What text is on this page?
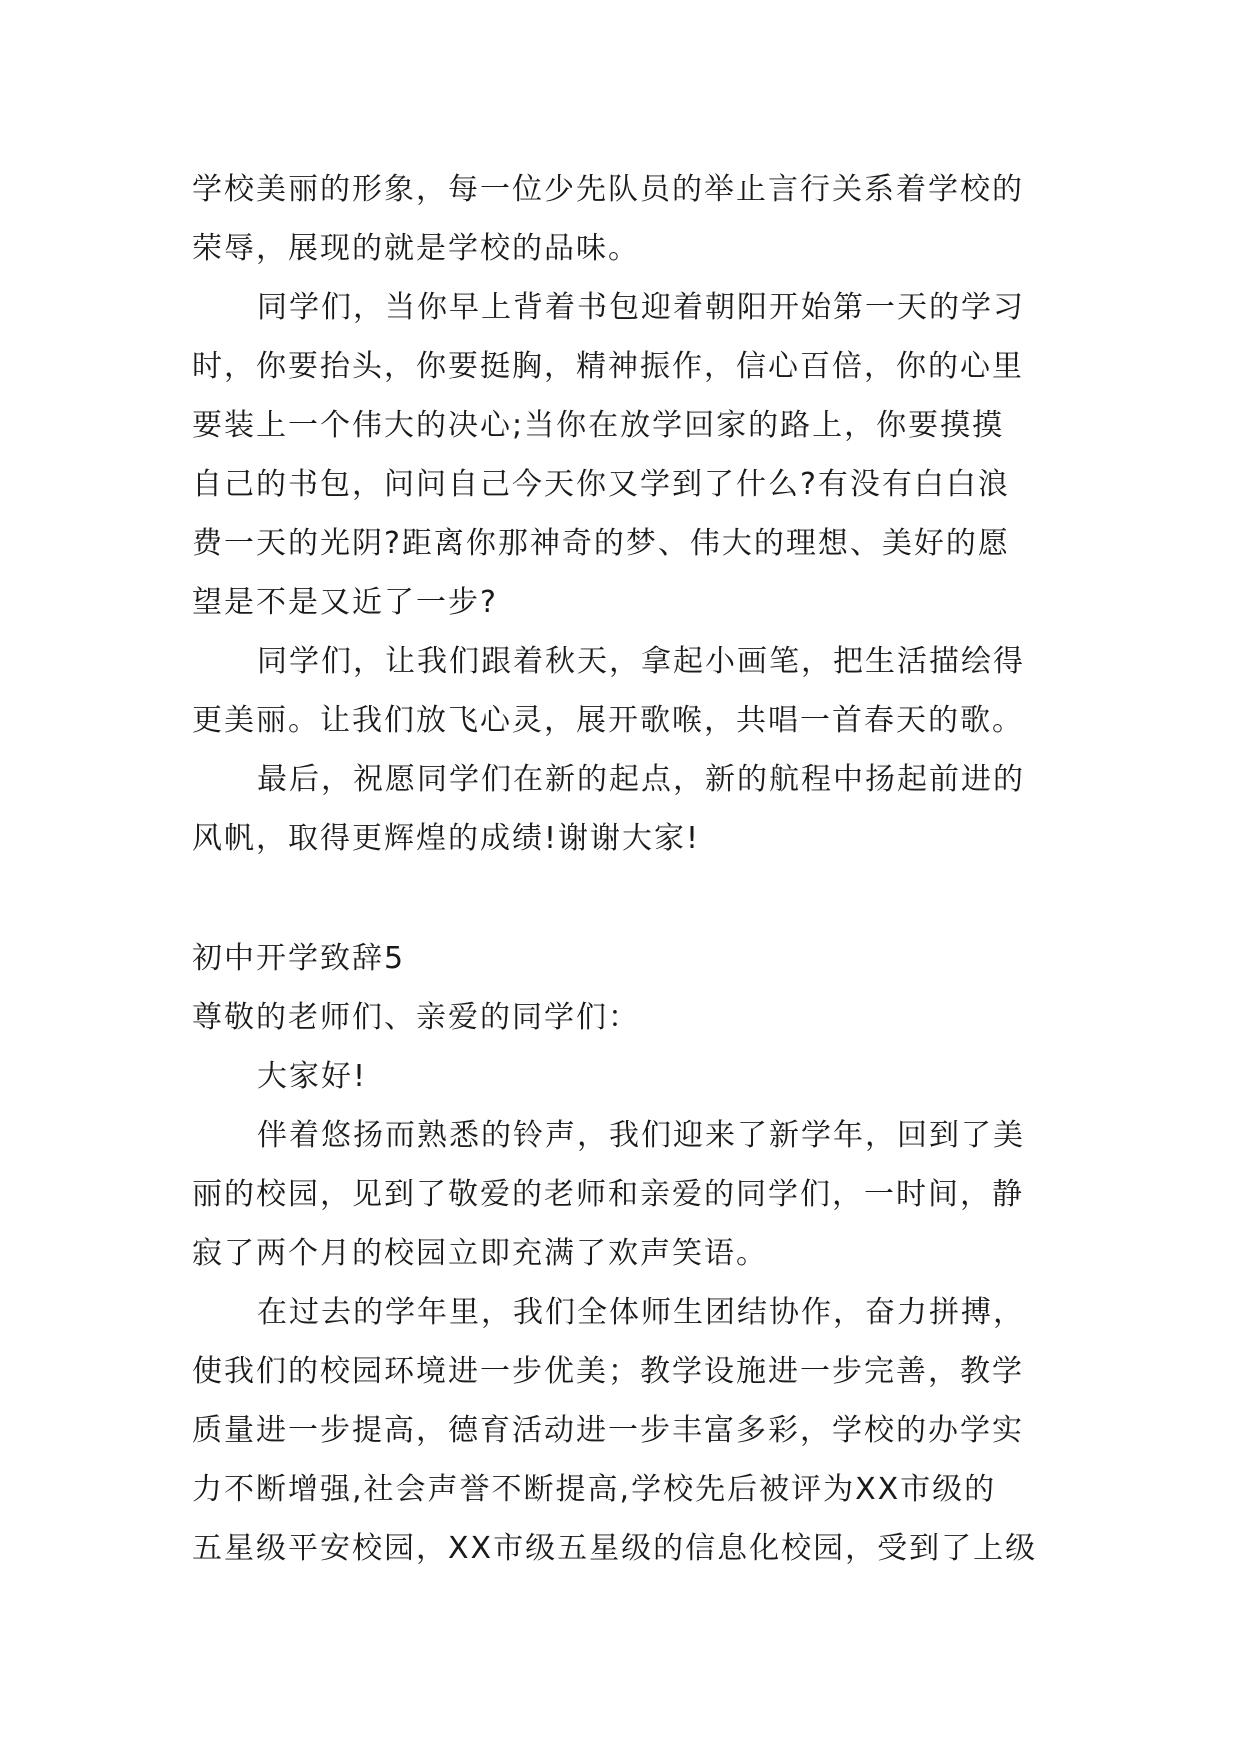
学校美丽的形象，每一位少先队员的举止言行关系着学校的
荣辱，展现的就是学校的品味。
同学们，当你早上背着书包迎着朝阳开始第一天的学习
时，你要抬头，你要挺胸，精神振作，信心百倍，你的心里
要装上一个伟大的决心;当你在放学回家的路上，你要摸摸
自己的书包，问问自己今天你又学到了什么?有没有白白浪
费一天的光阴?距离你那神奇的梦、伟大的理想、美好的愿
望是不是又近了一步?
同学们，让我们跟着秋天，拿起小画笔，把生活描绘得
更美丽。让我们放飞心灵，展开歌喉，共唱一首春天的歌。
最后，祝愿同学们在新的起点，新的航程中扬起前进的
风帆，取得更辉煌的成绩!谢谢大家!
初中开学致辞5
尊敬的老师们、亲爱的同学们：
大家好!
伴着悠扬而熟悉的铃声，我们迎来了新学年，回到了美
丽的校园，见到了敬爱的老师和亲爱的同学们，一时间，静
寂了两个月的校园立即充满了欢声笑语。
在过去的学年里，我们全体师生团结协作，奋力拼搏，
使我们的校园环境进一步优美；教学设施进一步完善，教学
质量进一步提高，德育活动进一步丰富多彩，学校的办学实
力不断增强,社会声誉不断提高,学校先后被评为XX市级的
五星级平安校园，XX市级五星级的信息化校园，受到了上级
